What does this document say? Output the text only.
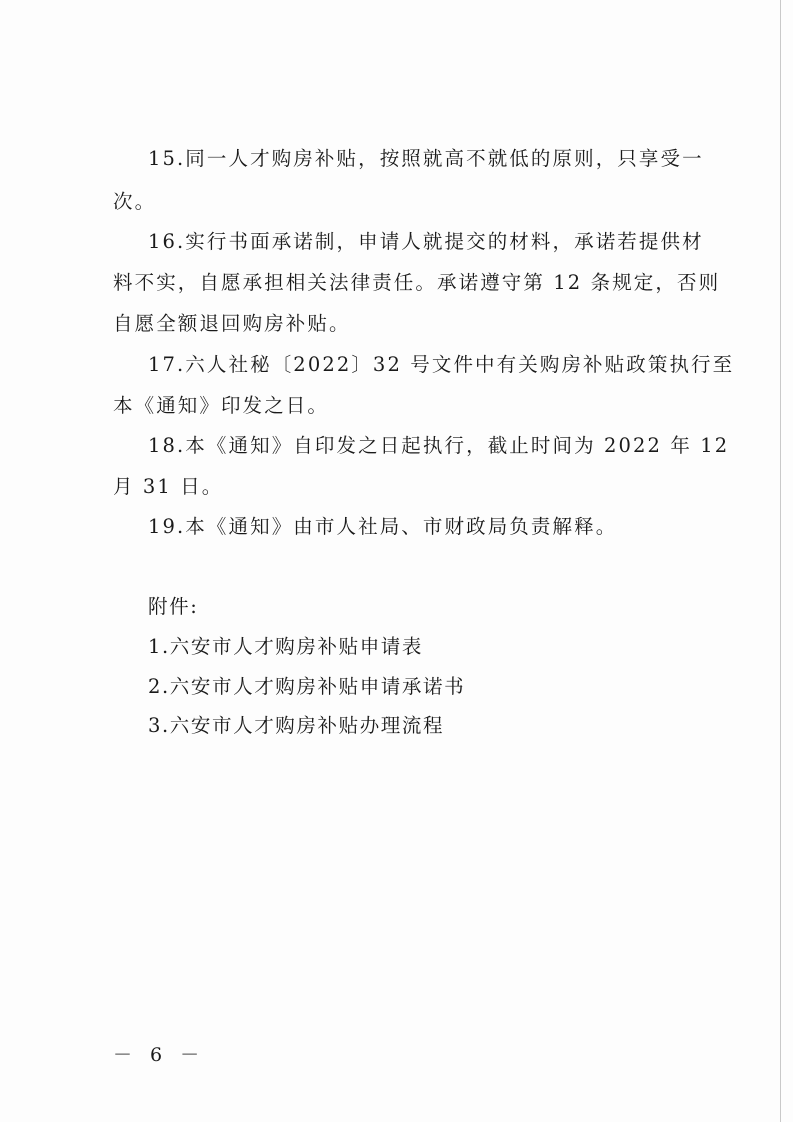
15.同一人才购房补贴，按照就高不就低的原则，只享受一
次。
16.实行书面承诺制，申请人就提交的材料，承诺若提供材
料不实，自愿承担相关法律责任。承诺遵守第 12 条规定，否则
自愿全额退回购房补贴。
17.六人社秘〔2022〕32 号文件中有关购房补贴政策执行至
本《通知》印发之日。
18.本《通知》自印发之日起执行，截止时间为 2022 年 12
月 31 日。
19.本《通知》由市人社局、市财政局负责解释。
附件:
1.六安市人才购房补贴申请表
2.六安市人才购房补贴申请承诺书
3.六安市人才购房补贴办理流程
－ 6 －
